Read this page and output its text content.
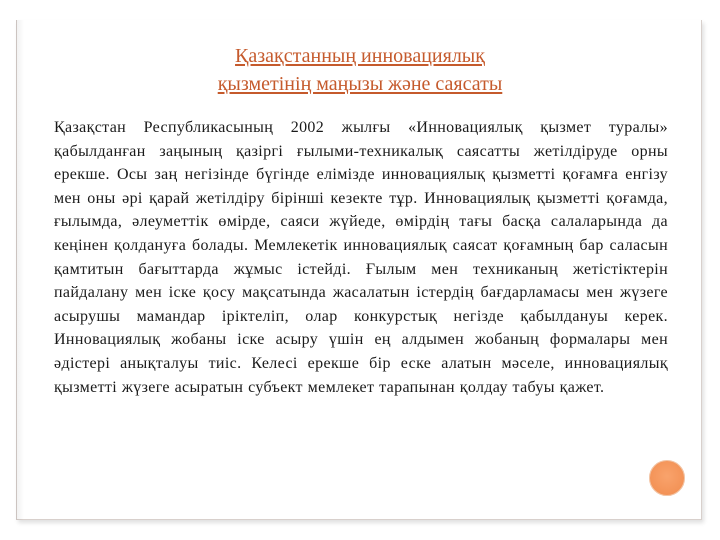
Қазақстанның инновациялық
қызметінің маңызы және саясаты

Қазақстан Республикасының 2002 жылғы «Инновациялық қызмет туралы» қабылданған заңының қазіргі ғылыми-техникалық саясатты жетілдіруде орны ерекше. Осы заң негізінде бүгінде елімізде инновациялық қызметті қоғамға енгізу мен оны әрі қарай жетілдіру бірінші кезекте тұр. Инновациялық қызметті қоғамда, ғылымда, әлеуметтік өмірде, саяси жүйеде, өмірдің тағы басқа салаларында да кеңінен қолдануға болады. Мемлекетік инновациялық саясат қоғамның бар саласын қамтитын бағыттарда жұмыс істейді. Ғылым мен техниканың жетістіктерін пайдалану мен іске қосу мақсатында жасалатын істердің бағдарламасы мен жүзеге асырушы мамандар іріктеліп, олар конкурстық негізде қабылдануы керек. Инновациялық жобаны іске асыру үшін ең алдымен жобаның формалары мен әдістері анықталуы тиіс. Келесі ерекше бір еске алатын мәселе, инновациялық қызметті жүзеге асыратын субъект мемлекет тарапынан қолдау табуы қажет.
